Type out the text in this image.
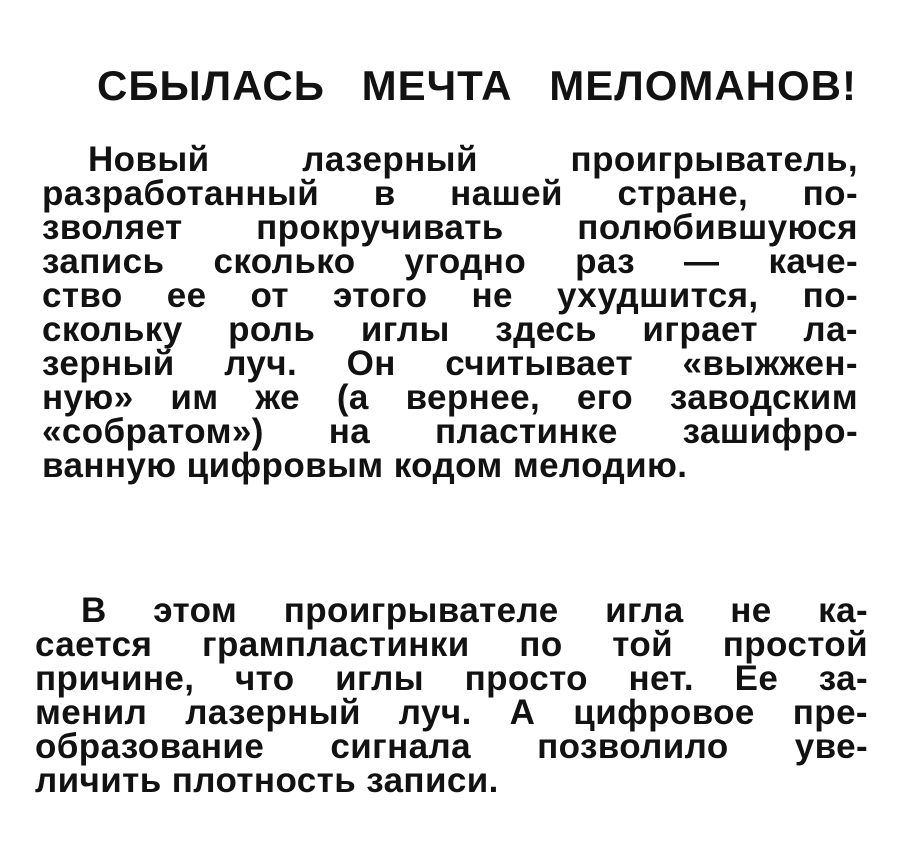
СБЫЛАСЬ МЕЧТА МЕЛОМАНОВ!
Новый лазерный проигрыватель,
разработанный в нашей стране, по-
зволяет прокручивать полюбившуюся
запись сколько угодно раз — каче-
ство ее от этого не ухудшится, по-
скольку роль иглы здесь играет ла-
зерный луч. Он считывает «выжжен-
ную» им же (а вернее, его заводским
«собратом») на пластинке зашифро-
ванную цифровым кодом мелодию.
В этом проигрывателе игла не ка-
сается грампластинки по той простой
причине, что иглы просто нет. Ее за-
менил лазерный луч. А цифровое пре-
образование сигнала позволило уве-
личить плотность записи.
